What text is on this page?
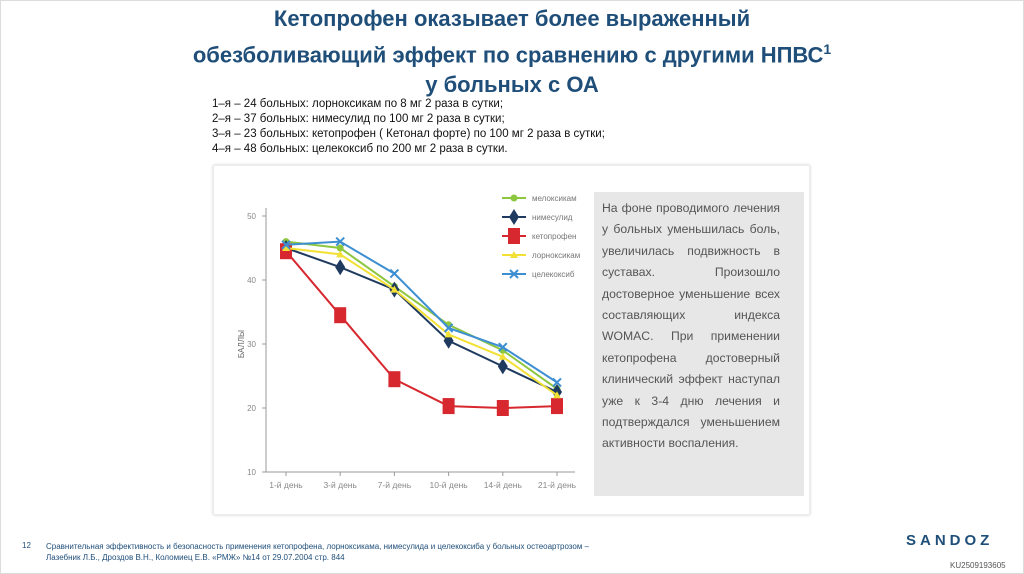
Кетопрофен оказывает более выраженный
обезболивающий эффект по сравнению с другими НПВС$^1$
у больных с ОА
1–я – 24 больных: лорноксикам по 8 мг 2 раза в сутки;
2–я – 37 больных: нимесулид по 100 мг 2 раза в сутки;
3–я – 23 больных: кетопрофен ( Кетонал форте) по 100 мг 2 раза в сутки;
4–я – 48 больных: целекоксиб по 200 мг 2 раза в сутки.
10
20
30
40
50
БАЛЛЫ
1-й день 3-й день 7-й день 10-й день 14-й день 21-й день
мелоксикам
нимесулид
кетопрофен
лорноксикам
целекоксиб
На фоне проводимого лечения у больных уменьшилась боль, увеличилась подвижность в суставах. Произошло достоверное уменьшение всех составляющих индекса WOMAC. При применении кетопрофена достоверный клинический эффект наступал уже к 3-4 дню лечения и подтверждался уменьшением активности воспаления.
12 Сравнительная эффективность и безопасность применения кетопрофена, лорноксикама, нимесулида и целекоксиба у больных остеоартрозом – Лазебник Л.Б., Дроздов В.Н., Коломиец Е.В. «РМЖ» №14 от 29.07.2004 стр. 844
SANDOZ
KU2509193605
